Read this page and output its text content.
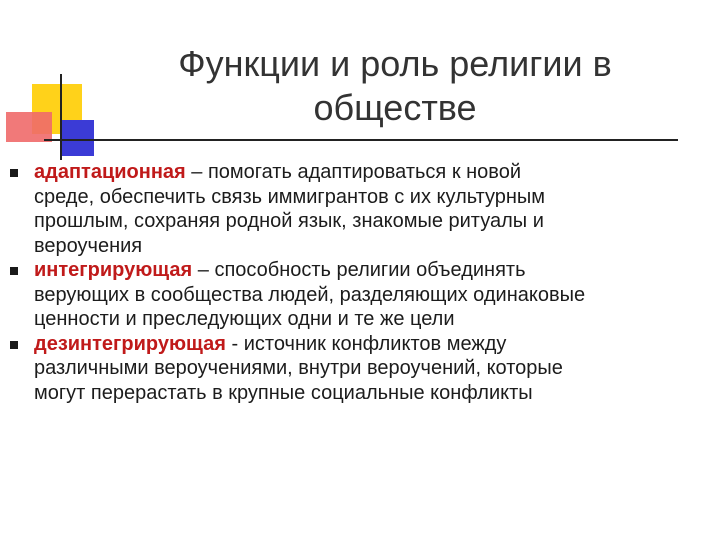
Функции и роль религии в
обществе
адаптационная – помогать адаптироваться к новой
среде, обеспечить связь иммигрантов с их культурным
прошлым, сохраняя родной язык, знакомые ритуалы и
вероучения
интегрирующая – способность религии объединять
верующих в сообщества людей, разделяющих одинаковые
ценности и преследующих одни и те же цели
дезинтегрирующая - источник конфликтов между
различными вероучениями, внутри вероучений, которые
могут перерастать в крупные социальные конфликты
